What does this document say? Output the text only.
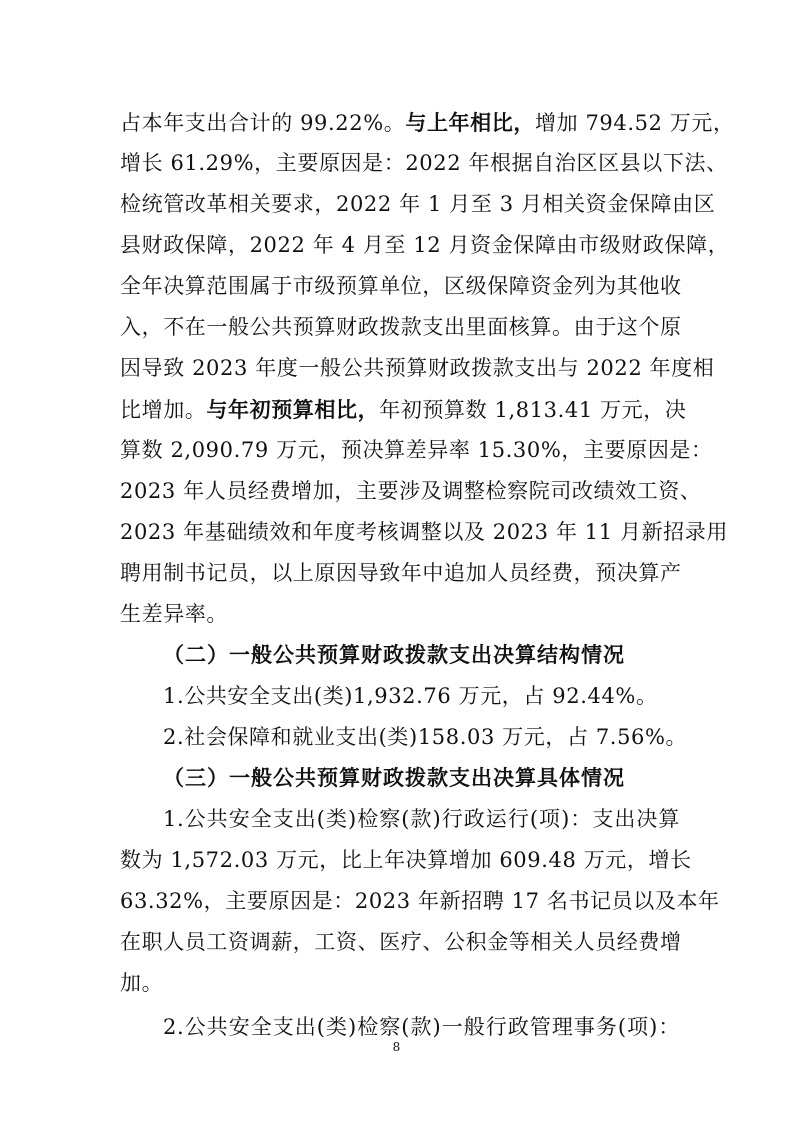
占本年支出合计的 99.22%。与上年相比，增加 794.52 万元，
增长 61.29%，主要原因是：2022 年根据自治区区县以下法、
检统管改革相关要求，2022 年 1 月至 3 月相关资金保障由区
县财政保障，2022 年 4 月至 12 月资金保障由市级财政保障，
全年决算范围属于市级预算单位，区级保障资金列为其他收
入，不在一般公共预算财政拨款支出里面核算。由于这个原
因导致 2023 年度一般公共预算财政拨款支出与 2022 年度相
比增加。与年初预算相比，年初预算数 1,813.41 万元，决
算数 2,090.79 万元，预决算差异率 15.30%，主要原因是：
2023 年人员经费增加，主要涉及调整检察院司改绩效工资、
2023 年基础绩效和年度考核调整以及 2023 年 11 月新招录用
聘用制书记员，以上原因导致年中追加人员经费，预决算产
生差异率。
（二）一般公共预算财政拨款支出决算结构情况
1.公共安全支出(类)1,932.76 万元，占 92.44%。
2.社会保障和就业支出(类)158.03 万元，占 7.56%。
（三）一般公共预算财政拨款支出决算具体情况
1.公共安全支出(类)检察(款)行政运行(项)：支出决算
数为 1,572.03 万元，比上年决算增加 609.48 万元，增长
63.32%，主要原因是：2023 年新招聘 17 名书记员以及本年
在职人员工资调薪，工资、医疗、公积金等相关人员经费增
加。
2.公共安全支出(类)检察(款)一般行政管理事务(项)：
8
